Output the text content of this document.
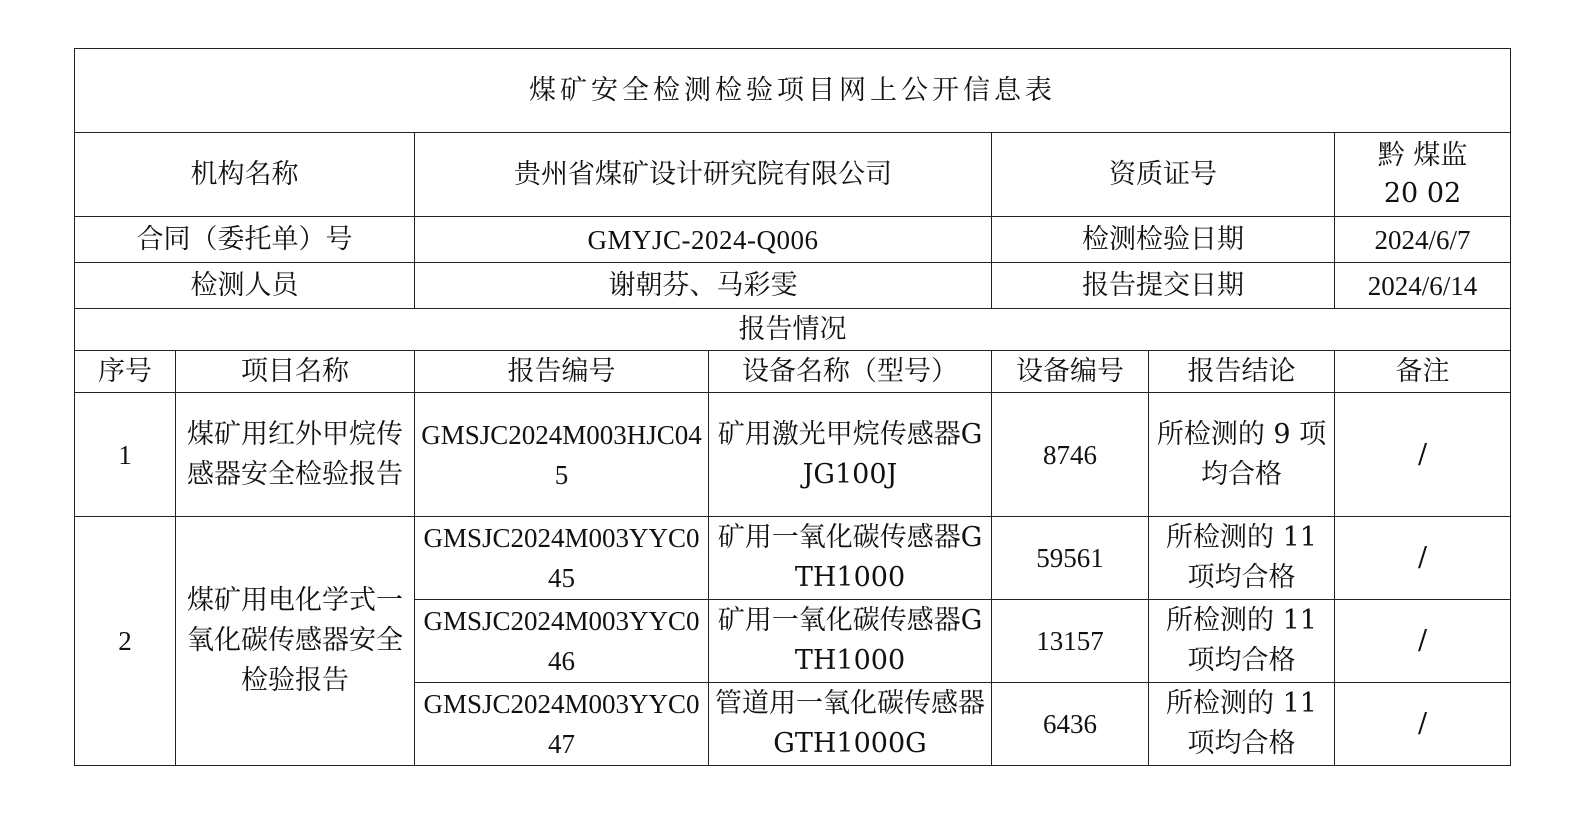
煤矿安全检测检验项目网上公开信息表						
机构名称		贵州省煤矿设计研究院有限公司		资质证号		黔 煤监
20 02

合同（委托单）号		GMYJC-2024-Q006		检测检验日期		2024/6/7
检测人员		谢朝芬、马彩雯		报告提交日期		2024/6/14
报告情况						
序号	项目名称	报告编号	设备名称（型号）	设备编号	报告结论	备注
1	煤矿用红外甲烷传感器安全检验报告	GMSJC2024M003HJC045	矿用激光甲烷传感器GJG100J	8746	所检测的 9 项均合格	/
2	煤矿用电化学式一氧化碳传感器安全检验报告	GMSJC2024M003YYC045	矿用一氧化碳传感器GTH1000	59561	所检测的 11 项均合格	/
		GMSJC2024M003YYC046	矿用一氧化碳传感器GTH1000	13157	所检测的 11 项均合格	/
		GMSJC2024M003YYC047	管道用一氧化碳传感器 GTH1000G	6436	所检测的 11 项均合格	/
